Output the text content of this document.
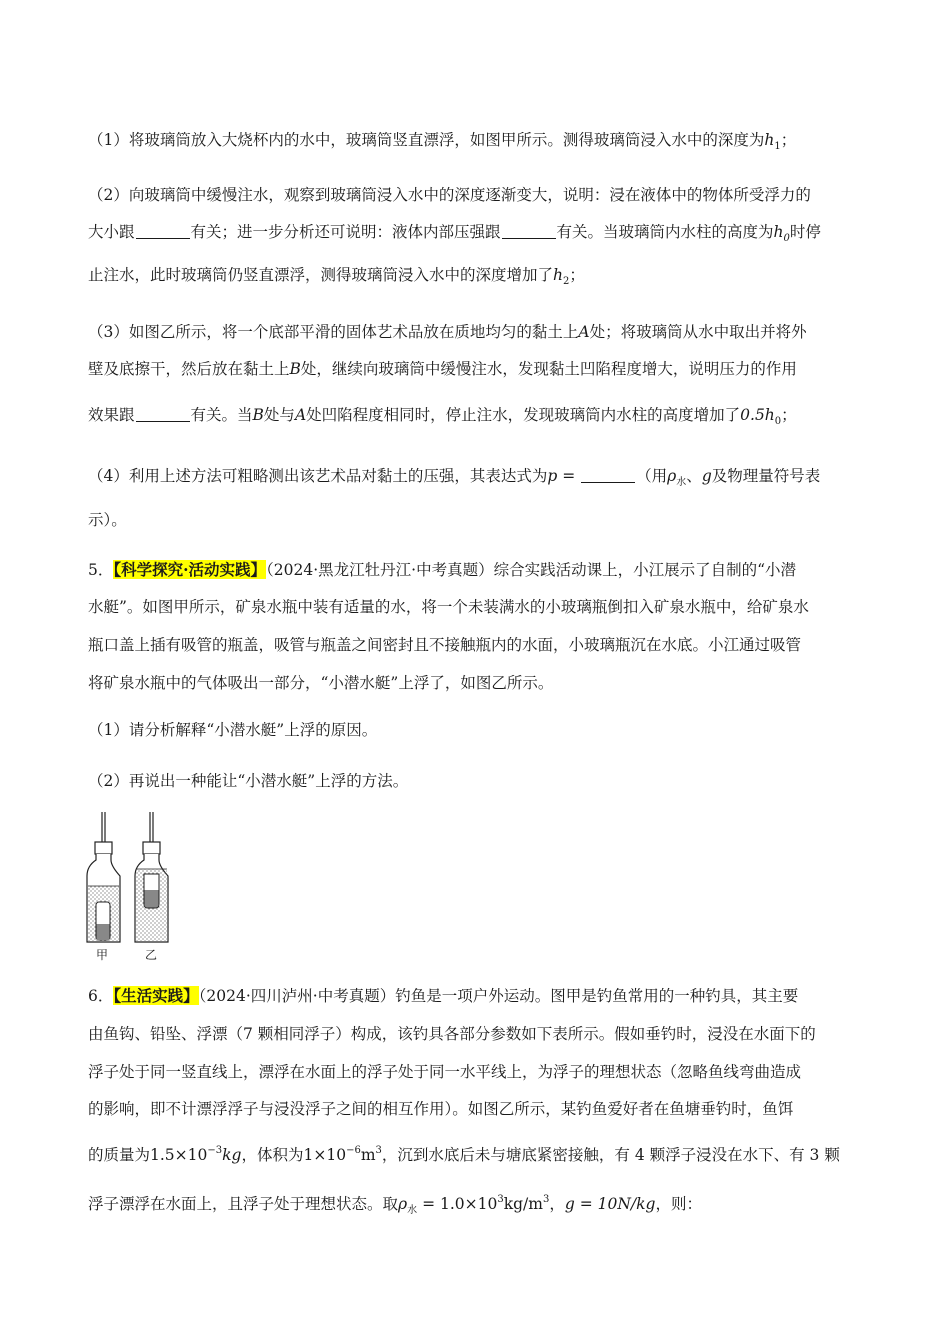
（1）将玻璃筒放入大烧杯内的水中，玻璃筒竖直漂浮，如图甲所示。测得玻璃筒浸入水中的深度为$h_1$；
（2）向玻璃筒中缓慢注水，观察到玻璃筒浸入水中的深度逐渐变大，说明：浸在液体中的物体所受浮力的
大小跟	有关；进一步分析还可说明：液体内部压强跟	有关。当玻璃筒内水柱的高度为$h_0$时停
止注水，此时玻璃筒仍竖直漂浮，测得玻璃筒浸入水中的深度增加了$h_2$；
（3）如图乙所示，将一个底部平滑的固体艺术品放在质地均匀的黏土上A处；将玻璃筒从水中取出并将外
壁及底擦干，然后放在黏土上B处，继续向玻璃筒中缓慢注水，发现黏土凹陷程度增大，说明压力的作用
效果跟	有关。当B处与A处凹陷程度相同时，停止注水，发现玻璃筒内水柱的高度增加了$0.5h_0$；
（4）利用上述方法可粗略测出该艺术品对黏土的压强，其表达式为p =	（用$\rho_水$、g及物理量符号表
示）。
5．【科学探究·活动实践】（2024·黑龙江牡丹江·中考真题）综合实践活动课上，小江展示了自制的“小潜
水艇”。如图甲所示，矿泉水瓶中装有适量的水，将一个未装满水的小玻璃瓶倒扣入矿泉水瓶中，给矿泉水
瓶口盖上插有吸管的瓶盖，吸管与瓶盖之间密封且不接触瓶内的水面，小玻璃瓶沉在水底。小江通过吸管
将矿泉水瓶中的气体吸出一部分，“小潜水艇”上浮了，如图乙所示。
（1）请分析解释“小潜水艇”上浮的原因。
（2）再说出一种能让“小潜水艇”上浮的方法。
甲	乙
6．【生活实践】（2024·四川泸州·中考真题）钓鱼是一项户外运动。图甲是钓鱼常用的一种钓具，其主要
由鱼钩、铅坠、浮漂（7 颗相同浮子）构成，该钓具各部分参数如下表所示。假如垂钓时，浸没在水面下的
浮子处于同一竖直线上，漂浮在水面上的浮子处于同一水平线上，为浮子的理想状态（忽略鱼线弯曲造成
的影响，即不计漂浮浮子与浸没浮子之间的相互作用）。如图乙所示，某钓鱼爱好者在鱼塘垂钓时，鱼饵
的质量为$1.5\times 10^{-3}kg$，体积为$1\times 10^{-6}m^3$，沉到水底后未与塘底紧密接触，有 4 颗浮子浸没在水下、有 3 颗
浮子漂浮在水面上，且浮子处于理想状态。取$\rho_水 = 1.0\times 10^3kg/m^3$，g = 10N/kg，则：
